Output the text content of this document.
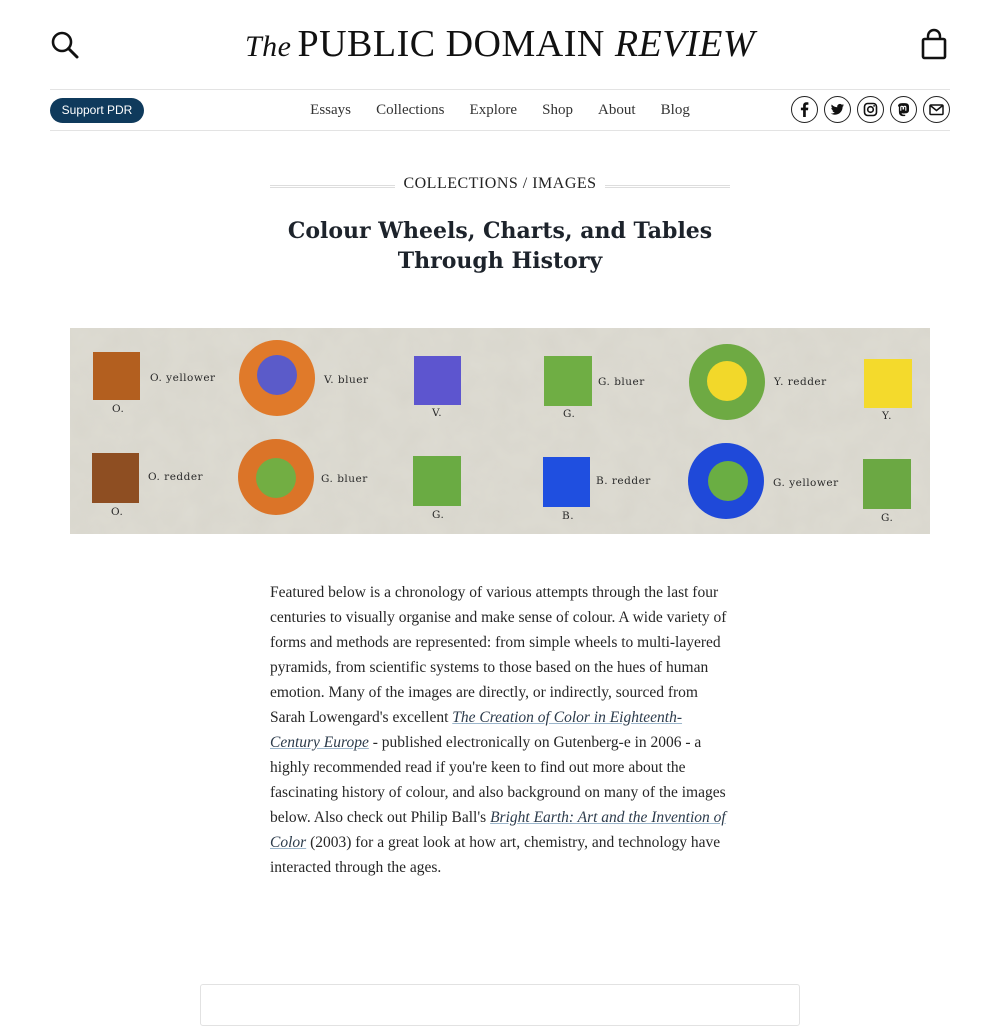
The PUBLIC DOMAIN REVIEW
Support PDR	Essays Collections Explore Shop About Blog
COLLECTIONS / IMAGES
Colour Wheels, Charts, and Tables Through History
O. yellower
O.
V. bluer
V.
G. bluer
G.
Y. redder
Y.
O. redder
O.
G. bluer
G.
B. redder
B.
G. yellower
G.

Featured below is a chronology of various attempts through the last four centuries to visually organise and make sense of colour. A wide variety of forms and methods are represented: from simple wheels to multi-layered pyramids, from scientific systems to those based on the hues of human emotion. Many of the images are directly, or indirectly, sourced from Sarah Lowengard's excellent The Creation of Color in Eighteenth-Century Europe - published electronically on Gutenberg-e in 2006 - a highly recommended read if you're keen to find out more about the fascinating history of colour, and also background on many of the images below. Also check out Philip Ball's Bright Earth: Art and the Invention of Color (2003) for a great look at how art, chemistry, and technology have interacted through the ages.
